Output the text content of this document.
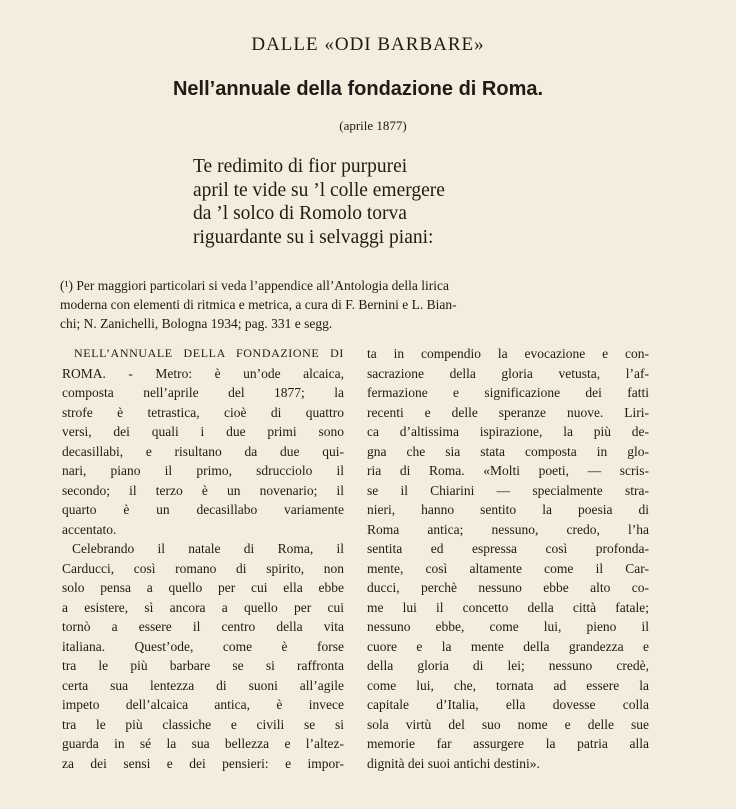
DALLE «ODI BARBARE»
Nell’annuale della fondazione di Roma.
(aprile 1877)
Te redimito di fior purpurei
april te vide su ’l colle emergere
da ’l solco di Romolo torva
riguardante su i selvaggi piani:
(¹) Per maggiori particolari si veda l’appendice all’Antologia della lirica
moderna con elementi di ritmica e metrica, a cura di F. Bernini e L. Bian-
chi; N. Zanichelli, Bologna 1934; pag. 331 e segg.
NELL’ANNUALE DELLA FONDAZIONE DI
ROMA. - Metro: è un’ode alcaica,
composta nell’aprile del 1877; la
strofe è tetrastica, cioè di quattro
versi, dei quali i due primi sono
decasillabi, e risultano da due qui-
nari, piano il primo, sdrucciolo il
secondo; il terzo è un novenario; il
quarto è un decasillabo variamente
accentato.
Celebrando il natale di Roma, il
Carducci, così romano di spirito, non
solo pensa a quello per cui ella ebbe
a esistere, sì ancora a quello per cui
tornò a essere il centro della vita
italiana. Quest’ode, come è forse
tra le più barbare se si raffronta
certa sua lentezza di suoni all’agile
impeto dell’alcaica antica, è invece
tra le più classiche e civili se si
guarda in sé la sua bellezza e l’altez-
za dei sensi e dei pensieri: e impor-
ta in compendio la evocazione e con-
sacrazione della gloria vetusta, l’af-
fermazione e significazione dei fatti
recenti e delle speranze nuove. Liri-
ca d’altissima ispirazione, la più de-
gna che sia stata composta in glo-
ria di Roma. «Molti poeti, — scris-
se il Chiarini — specialmente stra-
nieri, hanno sentito la poesia di
Roma antica; nessuno, credo, l’ha
sentita ed espressa così profonda-
mente, così altamente come il Car-
ducci, perchè nessuno ebbe alto co-
me lui il concetto della città fatale;
nessuno ebbe, come lui, pieno il
cuore e la mente della grandezza e
della gloria di lei; nessuno credè,
come lui, che, tornata ad essere la
capitale d’Italia, ella dovesse colla
sola virtù del suo nome e delle sue
memorie far assurgere la patria alla
dignità dei suoi antichi destini».
